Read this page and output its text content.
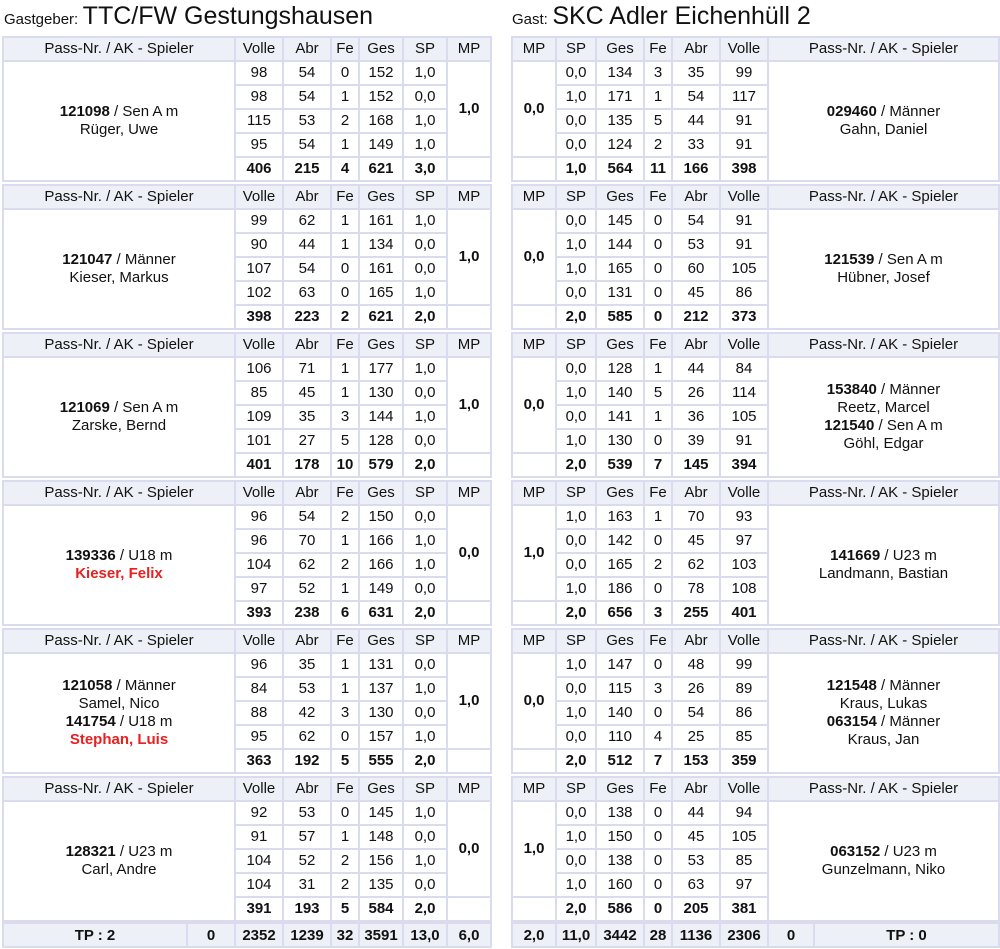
Gastgeber: TTC/FW Gestungshausen	Gast: SKC Adler Eichenhüll 2
Pass-Nr. / AK - Spieler	Volle	Abr	Fe	Ges	SP	MP

121098 / Sen A m
Rüger, Uwe	98	54	0	152	1,0	1,0
	98	54	1	152	0,0	
	115	53	2	168	1,0	
	95	54	1	149	1,0	
	406	215	4	621	3,0	
MP	SP	Ges	Fe	Abr	Volle	Pass-Nr. / AK - Spieler
0,0	0,0	134	3	35	99	029460 / Männer
Gahn, Daniel

	1,0	171	1	54	117	
	0,0	135	5	44	91	
	0,0	124	2	33	91	
	1,0	564	11	166	398	
Pass-Nr. / AK - Spieler	Volle	Abr	Fe	Ges	SP	MP

121047 / Männer
Kieser, Markus	99	62	1	161	1,0	1,0
	90	44	1	134	0,0	
	107	54	0	161	0,0	
	102	63	0	165	1,0	
	398	223	2	621	2,0	
MP	SP	Ges	Fe	Abr	Volle	Pass-Nr. / AK - Spieler
0,0	0,0	145	0	54	91	121539 / Sen A m
Hübner, Josef

	1,0	144	0	53	91	
	1,0	165	0	60	105	
	0,0	131	0	45	86	
	2,0	585	0	212	373	
Pass-Nr. / AK - Spieler	Volle	Abr	Fe	Ges	SP	MP

121069 / Sen A m
Zarske, Bernd	106	71	1	177	1,0	1,0
	85	45	1	130	0,0	
	109	35	3	144	1,0	
	101	27	5	128	0,0	
	401	178	10	579	2,0	
MP	SP	Ges	Fe	Abr	Volle	Pass-Nr. / AK - Spieler
0,0	0,0	128	1	44	84	153840 / Männer
Reetz, Marcel
121540 / Sen A m
Göhl, Edgar

	1,0	140	5	26	114	
	0,0	141	1	36	105	
	1,0	130	0	39	91	
	2,0	539	7	145	394	
Pass-Nr. / AK - Spieler	Volle	Abr	Fe	Ges	SP	MP

139336 / U18 m
Kieser, Felix	96	54	2	150	0,0	0,0
	96	70	1	166	1,0	
	104	62	2	166	1,0	
	97	52	1	149	0,0	
	393	238	6	631	2,0	
MP	SP	Ges	Fe	Abr	Volle	Pass-Nr. / AK - Spieler
1,0	1,0	163	1	70	93	141669 / U23 m
Landmann, Bastian

	0,0	142	0	45	97	
	0,0	165	2	62	103	
	1,0	186	0	78	108	
	2,0	656	3	255	401	
Pass-Nr. / AK - Spieler	Volle	Abr	Fe	Ges	SP	MP

121058 / Männer
Samel, Nico
141754 / U18 m
Stephan, Luis	96	35	1	131	0,0	1,0
	84	53	1	137	1,0	
	88	42	3	130	0,0	
	95	62	0	157	1,0	
	363	192	5	555	2,0	
MP	SP	Ges	Fe	Abr	Volle	Pass-Nr. / AK - Spieler
0,0	1,0	147	0	48	99	121548 / Männer
Kraus, Lukas
063154 / Männer
Kraus, Jan

	0,0	115	3	26	89	
	1,0	140	0	54	86	
	0,0	110	4	25	85	
	2,0	512	7	153	359	
Pass-Nr. / AK - Spieler	Volle	Abr	Fe	Ges	SP	MP

128321 / U23 m
Carl, Andre	92	53	0	145	1,0	0,0
	91	57	1	148	0,0	
	104	52	2	156	1,0	
	104	31	2	135	0,0	
	391	193	5	584	2,0	
MP	SP	Ges	Fe	Abr	Volle	Pass-Nr. / AK - Spieler
1,0	0,0	138	0	44	94	063152 / U23 m
Gunzelmann, Niko

	1,0	150	0	45	105	
	0,0	138	0	53	85	
	1,0	160	0	63	97	
	2,0	586	0	205	381	
TP : 2	0	2352	1239	32	3591	13,0	6,0	2,0	11,0	3442	28	1136	2306	0	TP : 0
